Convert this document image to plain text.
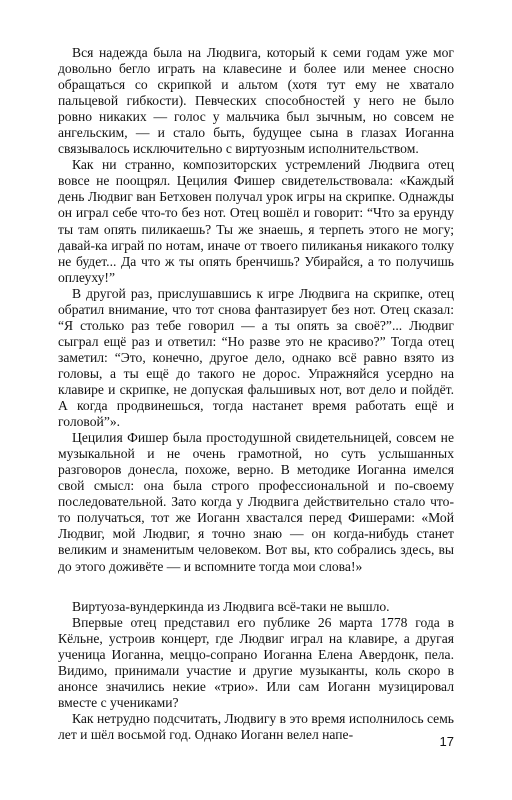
Вся надежда была на Людвига, который к семи годам уже мог довольно бегло играть на клавесине и более или менее сносно обращаться со скрипкой и альтом (хотя тут ему не хватало пальцевой гибкости). Певческих способностей у него не было ровно никаких — голос у мальчика был зычным, но совсем не ангельским, — и стало быть, будущее сына в глазах Иоганна связывалось исключительно с виртуозным исполнительством.

Как ни странно, композиторских устремлений Людвига отец вовсе не поощрял. Цецилия Фишер свидетельствовала: «Каждый день Людвиг ван Бетховен получал урок игры на скрипке. Однажды он играл себе что-то без нот. Отец вошёл и говорит: “Что за ерунду ты там опять пиликаешь? Ты же знаешь, я терпеть этого не могу; давай-ка играй по нотам, иначе от твоего пиликанья никакого толку не будет... Да что ж ты опять бренчишь? Убирайся, а то получишь оплеуху!”

В другой раз, прислушавшись к игре Людвига на скрипке, отец обратил внимание, что тот снова фантазирует без нот. Отец сказал: “Я столько раз тебе говорил — а ты опять за своё?”... Людвиг сыграл ещё раз и ответил: “Но разве это не красиво?” Тогда отец заметил: “Это, конечно, другое дело, однако всё равно взято из головы, а ты ещё до такого не дорос. Упражняйся усердно на клавире и скрипке, не допуская фальшивых нот, вот дело и пойдёт. А когда продвинешься, тогда настанет время работать ещё и головой”».

Цецилия Фишер была простодушной свидетельницей, совсем не музыкальной и не очень грамотной, но суть услышанных разговоров донесла, похоже, верно. В методике Иоганна имелся свой смысл: она была строго профессиональной и по-своему последовательной. Зато когда у Людвига действительно стало что-то получаться, тот же Иоганн хвастался перед Фишерами: «Мой Людвиг, мой Людвиг, я точно знаю — он когда-нибудь станет великим и знаменитым человеком. Вот вы, кто собрались здесь, вы до этого доживёте — и вспомните тогда мои слова!»

Виртуоза-вундеркинда из Людвига всё-таки не вышло.

Впервые отец представил его публике 26 марта 1778 года в Кёльне, устроив концерт, где Людвиг играл на клавире, а другая ученица Иоганна, меццо-сопрано Иоганна Елена Авердонк, пела. Видимо, принимали участие и другие музыканты, коль скоро в анонсе значились некие «трио». Или сам Иоганн музицировал вместе с учениками?

Как нетрудно подсчитать, Людвигу в это время исполнилось семь лет и шёл восьмой год. Однако Иоганн велел напе-	17
